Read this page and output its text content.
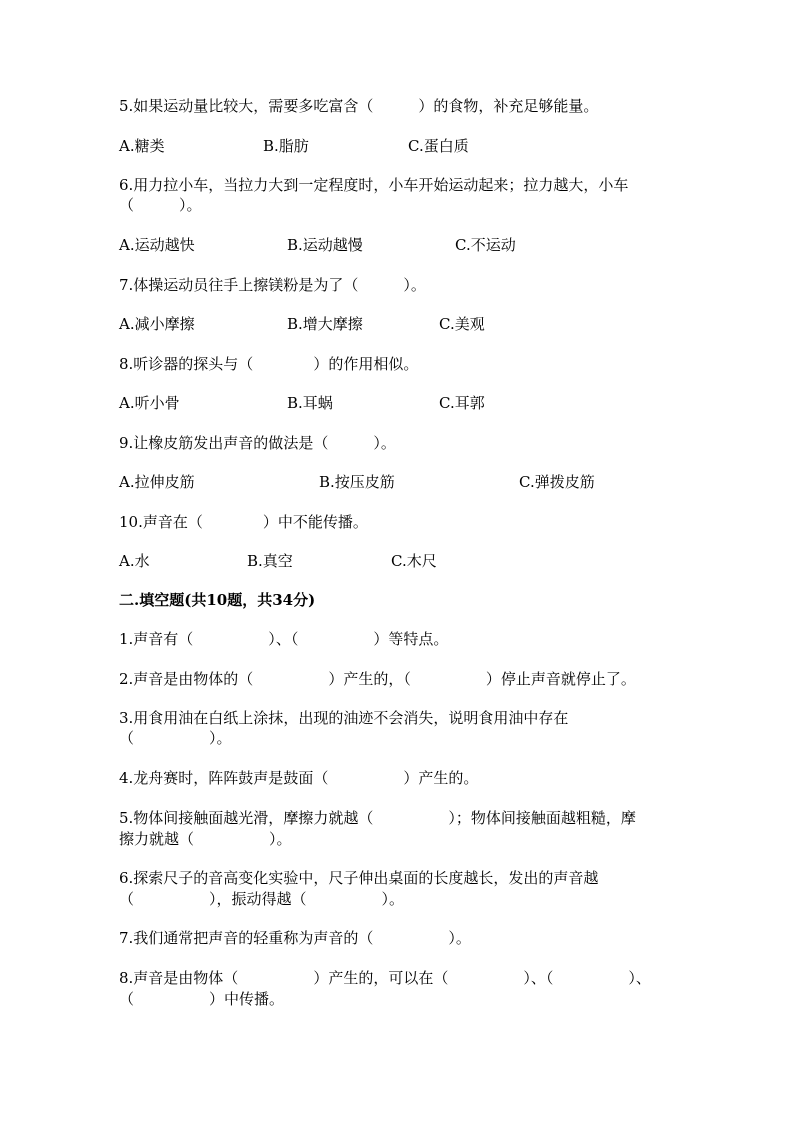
5.如果运动量比较大，需要多吃富含（　　　）的食物，补充足够能量。
A.糖类	B.脂肪	C.蛋白质
6.用力拉小车，当拉力大到一定程度时，小车开始运动起来；拉力越大，小车
（　　　）。
A.运动越快	B.运动越慢	C.不运动
7.体操运动员往手上擦镁粉是为了（　　　）。
A.减小摩擦	B.增大摩擦	C.美观
8.听诊器的探头与（　　　　）的作用相似。
A.听小骨	B.耳蜗	C.耳郭
9.让橡皮筋发出声音的做法是（　　　）。
A.拉伸皮筋	B.按压皮筋	C.弹拨皮筋
10.声音在（　　　　）中不能传播。
A.水	B.真空	C.木尺
二.填空题(共10题，共34分)
1.声音有（　　　　　）、（　　　　　）等特点。
2.声音是由物体的（　　　　　）产生的，（　　　　　）停止声音就停止了。
3.用食用油在白纸上涂抹，出现的油迹不会消失，说明食用油中存在
（　　　　　）。
4.龙舟赛时，阵阵鼓声是鼓面（　　　　　）产生的。
5.物体间接触面越光滑，摩擦力就越（　　　　　）；物体间接触面越粗糙，摩
擦力就越（　　　　　）。
6.探索尺子的音高变化实验中，尺子伸出桌面的长度越长，发出的声音越
（　　　　　），振动得越（　　　　　）。
7.我们通常把声音的轻重称为声音的（　　　　　）。
8.声音是由物体（　　　　　）产生的，可以在（　　　　　）、（　　　　　）、
（　　　　　）中传播。
